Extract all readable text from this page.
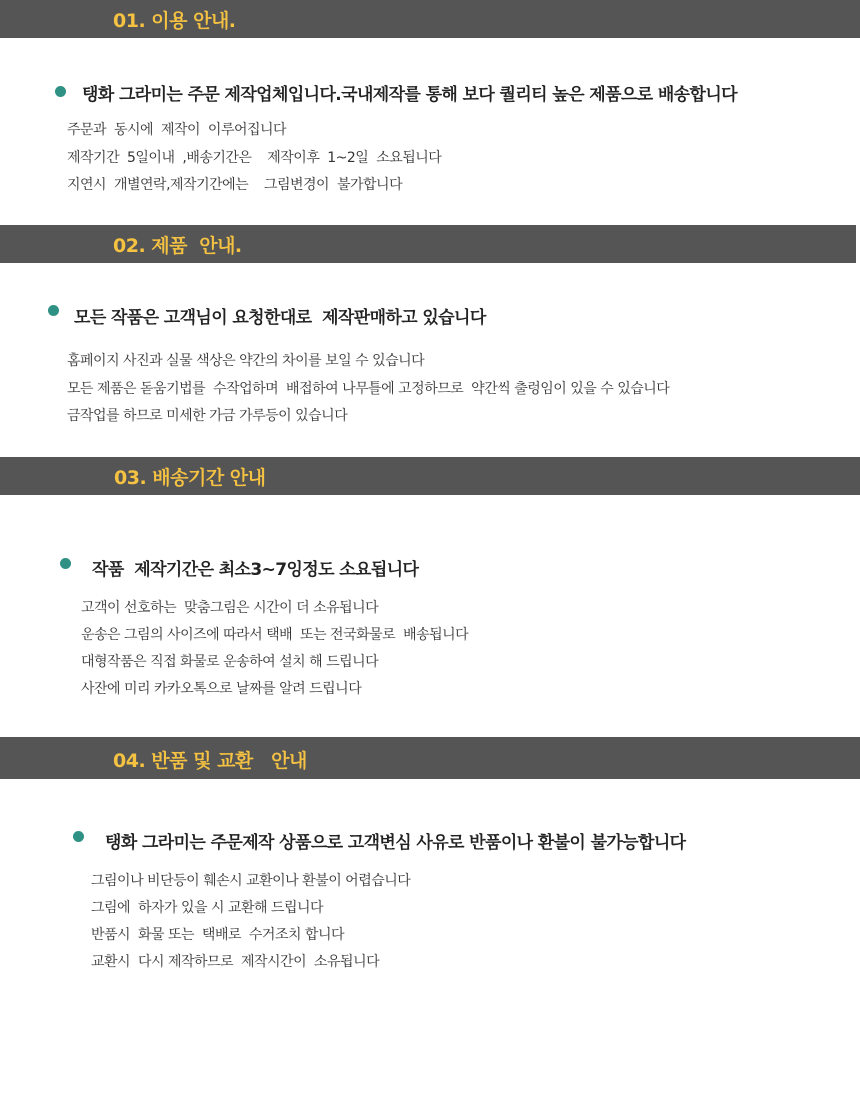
01. 이용 안내.
탱화 그라미는 주문 제작업체입니다.국내제작를 통해 보다 퀄리티 높은 제품으로 배송합니다
주문과  동시에  제작이  이루어집니다
제작기간  5일이내  ,배송기간은    제작이후  1~2일  소요됩니다
지연시  개별연락,제작기간에는    그림변경이  불가합니다
02. 제품  안내.
모든 작품은 고객님이 요청한대로  제작판매하고 있습니다
홈페이지 사진과 실물 색상은 약간의 차이를 보일 수 있습니다
모든 제품은 돋움기법를  수작업하며  배접하여 나무틀에 고정하므로  약간씩 출렁임이 있을 수 있습니다
금작업를 하므로 미세한 가금 가루등이 있습니다
03. 배송기간 안내
작품  제작기간은 최소3~7잉정도 소요됩니다
고객이 선호하는  맞춤그림은 시간이 더 소유됩니다
운송은 그림의 사이즈에 따라서 택배  또는 전국화물로  배송됩니다
대형작품은 직접 화물로 운송하여 설치 해 드립니다
사잔에 미리 카카오톡으로 날짜를 알려 드립니다
04. 반품 및 교환   안내
탱화 그라미는 주문제작 상품으로 고객변심 사유로 반품이나 환불이 불가능합니다
그림이나 비단등이 훼손시 교환이나 환불이 어렵습니다
그림에  하자가 있을 시 교환해 드립니다
반품시  화물 또는  택배로  수거조치 합니다
교환시  다시 제작하므로  제작시간이  소유됩니다
